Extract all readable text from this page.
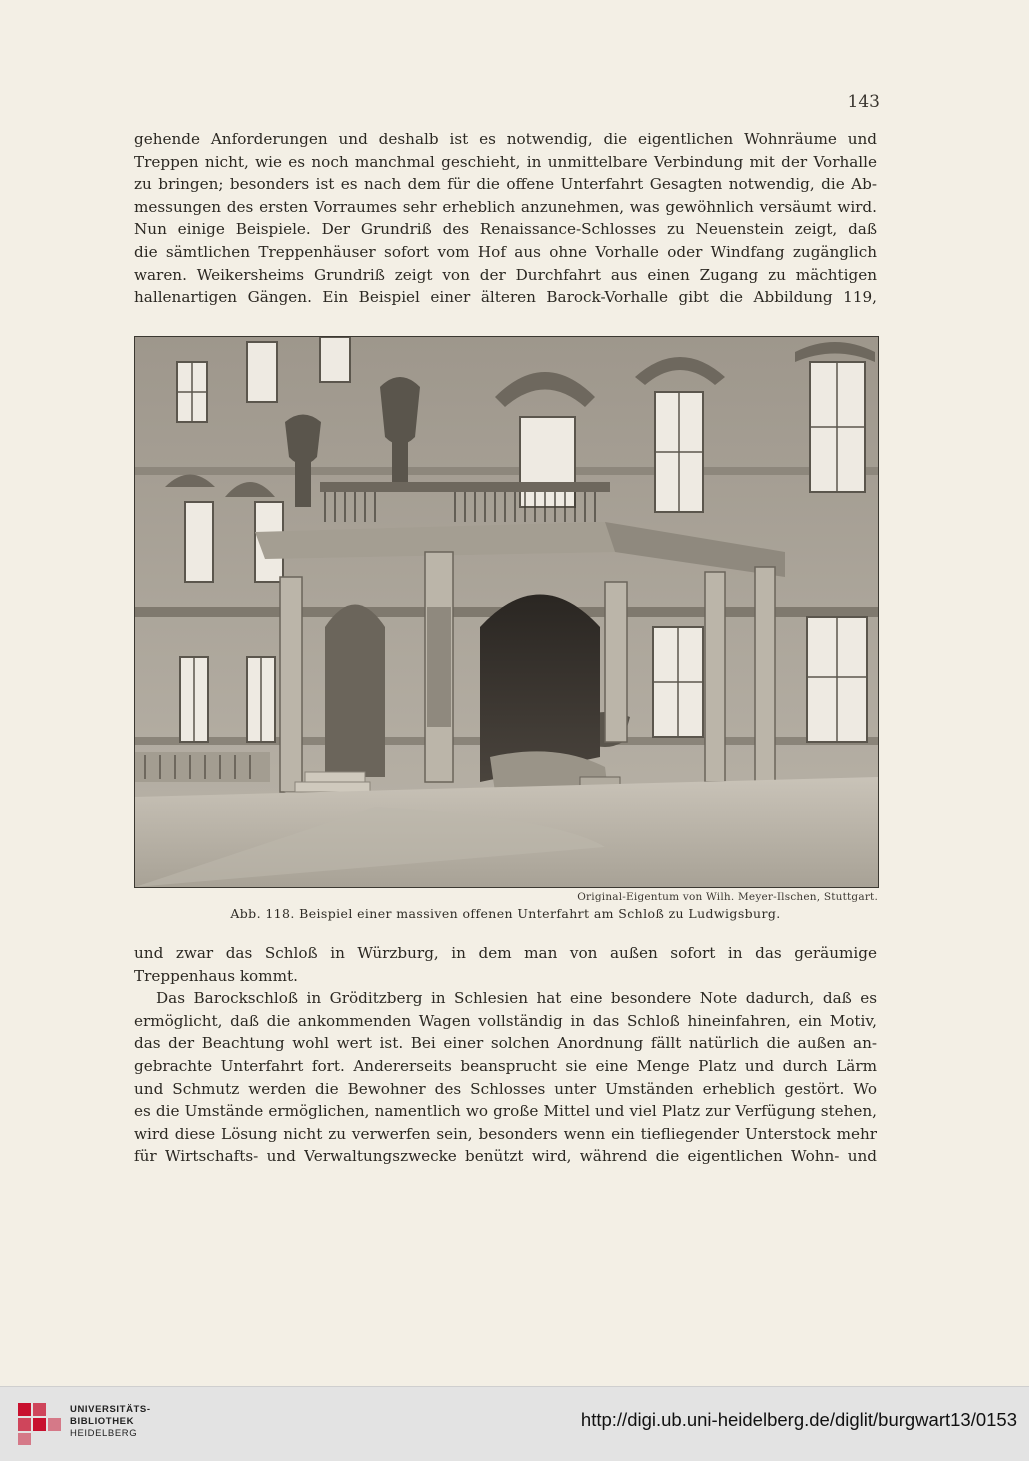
143
gehende Anforderungen und deshalb ist es notwendig, die eigentlichen Wohnräume und
Treppen nicht, wie es noch manchmal geschieht, in unmittelbare Verbindung mit der Vorhalle
zu bringen; besonders ist es nach dem für die offene Unterfahrt Gesagten notwendig, die Ab-
messungen des ersten Vorraumes sehr erheblich anzunehmen, was gewöhnlich versäumt wird.
Nun einige Beispiele. Der Grundriß des Renaissance-Schlosses zu Neuenstein zeigt, daß
die sämtlichen Treppenhäuser sofort vom Hof aus ohne Vorhalle oder Windfang zugänglich
waren. Weikersheims Grundriß zeigt von der Durchfahrt aus einen Zugang zu mächtigen
hallenartigen Gängen. Ein Beispiel einer älteren Barock-Vorhalle gibt die Abbildung 119,
Original-Eigentum von Wilh. Meyer-Ilschen, Stuttgart.
Abb. 118. Beispiel einer massiven offenen Unterfahrt am Schloß zu Ludwigsburg.
und zwar das Schloß in Würzburg, in dem man von außen sofort in das geräumige
Treppenhaus kommt.
Das Barockschloß in Gröditzberg in Schlesien hat eine besondere Note dadurch, daß es
ermöglicht, daß die ankommenden Wagen vollständig in das Schloß hineinfahren, ein Motiv,
das der Beachtung wohl wert ist. Bei einer solchen Anordnung fällt natürlich die außen an-
gebrachte Unterfahrt fort. Andererseits beansprucht sie eine Menge Platz und durch Lärm
und Schmutz werden die Bewohner des Schlosses unter Umständen erheblich gestört. Wo
es die Umstände ermöglichen, namentlich wo große Mittel und viel Platz zur Verfügung stehen,
wird diese Lösung nicht zu verwerfen sein, besonders wenn ein tiefliegender Unterstock mehr
für Wirtschafts- und Verwaltungszwecke benützt wird, während die eigentlichen Wohn- und
UNIVERSITÄTS-
BIBLIOTHEK
HEIDELBERG
http://digi.ub.uni-heidelberg.de/diglit/burgwart13/0153
